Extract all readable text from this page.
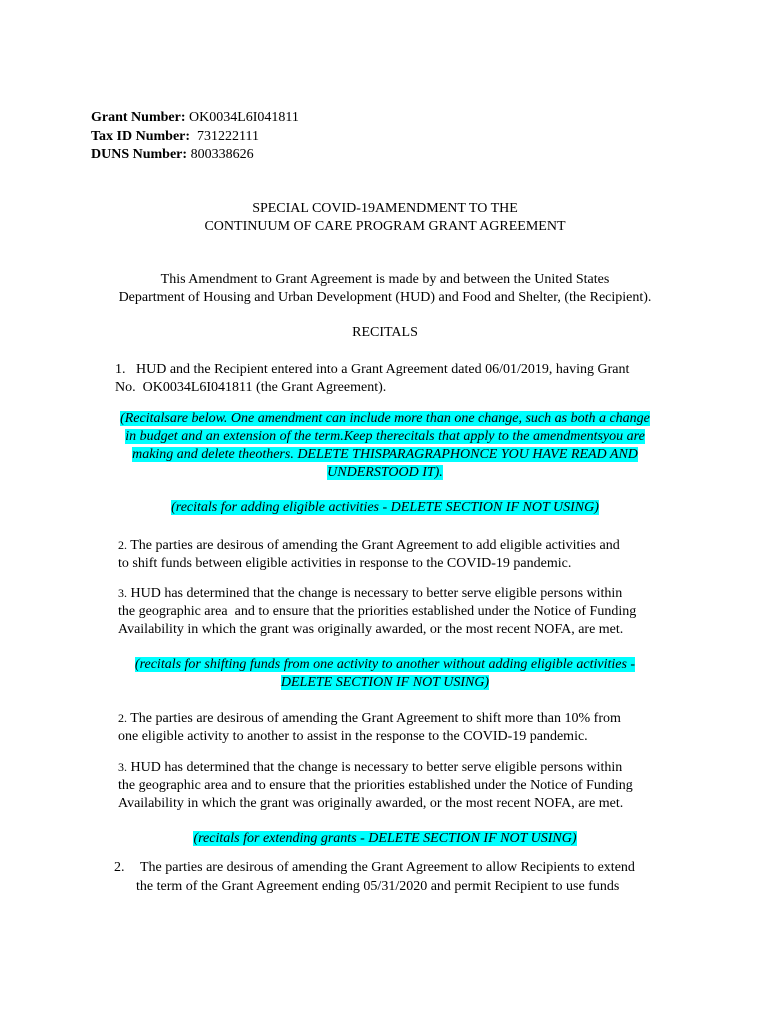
Grant Number: OK0034L6I041811
Tax ID Number:  731222111
DUNS Number: 800338626
SPECIAL COVID-19AMENDMENT TO THE
CONTINUUM OF CARE PROGRAM GRANT AGREEMENT
This Amendment to Grant Agreement is made by and between the United States
Department of Housing and Urban Development (HUD) and Food and Shelter, (the Recipient).
RECITALS
1. HUD and the Recipient entered into a Grant Agreement dated 06/01/2019, having Grant
No.  OK0034L6I041811 (the Grant Agreement).
(Recitalsare below. One amendment can include more than one change, such as both a change
in budget and an extension of the term.Keep therecitals that apply to the amendmentsyou are
making and delete theothers. DELETE THISPARAGRAPHONCE YOU HAVE READ AND
UNDERSTOOD IT).
(recitals for adding eligible activities - DELETE SECTION IF NOT USING)
2. The parties are desirous of amending the Grant Agreement to add eligible activities and
to shift funds between eligible activities in response to the COVID-19 pandemic.
3. HUD has determined that the change is necessary to better serve eligible persons within
the geographic area  and to ensure that the priorities established under the Notice of Funding
Availability in which the grant was originally awarded, or the most recent NOFA, are met.
(recitals for shifting funds from one activity to another without adding eligible activities -
DELETE SECTION IF NOT USING)
2. The parties are desirous of amending the Grant Agreement to shift more than 10% from
one eligible activity to another to assist in the response to the COVID-19 pandemic.
3. HUD has determined that the change is necessary to better serve eligible persons within
the geographic area and to ensure that the priorities established under the Notice of Funding
Availability in which the grant was originally awarded, or the most recent NOFA, are met.
(recitals for extending grants - DELETE SECTION IF NOT USING)
2. The parties are desirous of amending the Grant Agreement to allow Recipients to extend
the term of the Grant Agreement ending 05/31/2020 and permit Recipient to use funds
